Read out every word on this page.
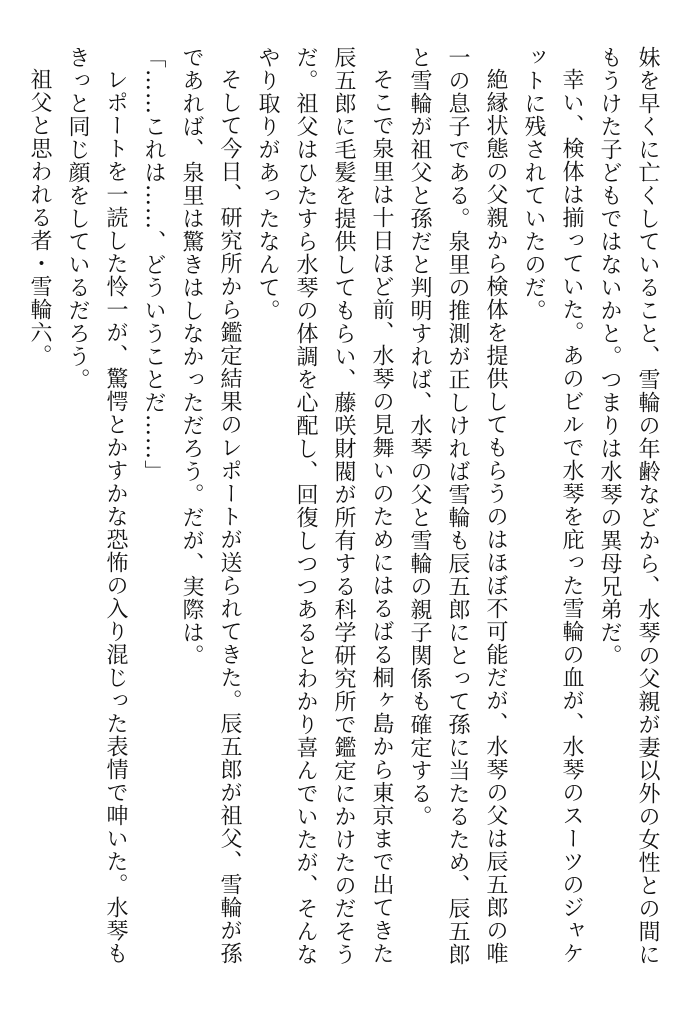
妹を早くに亡くしていること、雪輪の年齢などから、水琴の父親が妻以外の女性との間にもうけた子どもではないかと。つまりは水琴の異母兄弟だ。

幸い、検体は揃っていた。あのビルで水琴を庇った雪輪の血が、水琴のスーツのジャケットに残されていたのだ。

絶縁状態の父親から検体を提供してもらうのはほぼ不可能だが、水琴の父は辰五郎の唯一の息子である。泉里の推測が正しければ雪輪も辰五郎にとって孫に当たるため、辰五郎と雪輪が祖父と孫だと判明すれば、水琴の父と雪輪の親子関係も確定する。

そこで泉里は十日ほど前、水琴の見舞いのためにはるばる桐ヶ島から東京まで出てきた辰五郎に毛髪を提供してもらい、藤咲財閥が所有する科学研究所で鑑定にかけたのだそうだ。祖父はひたすら水琴の体調を心配し、回復しつつあるとわかり喜んでいたが、そんなやり取りがあったなんて。

そして今日、研究所から鑑定結果のレポートが送られてきた。辰五郎が祖父、雪輪が孫であれば、泉里は驚きはしなかっただろう。だが、実際は。

「……これは……、どういうことだ……」

レポートを一読した怜一が、驚愕とかすかな恐怖の入り混じった表情で呻いた。水琴もきっと同じ顔をしているだろう。

祖父と思われる者・雪輪六。
